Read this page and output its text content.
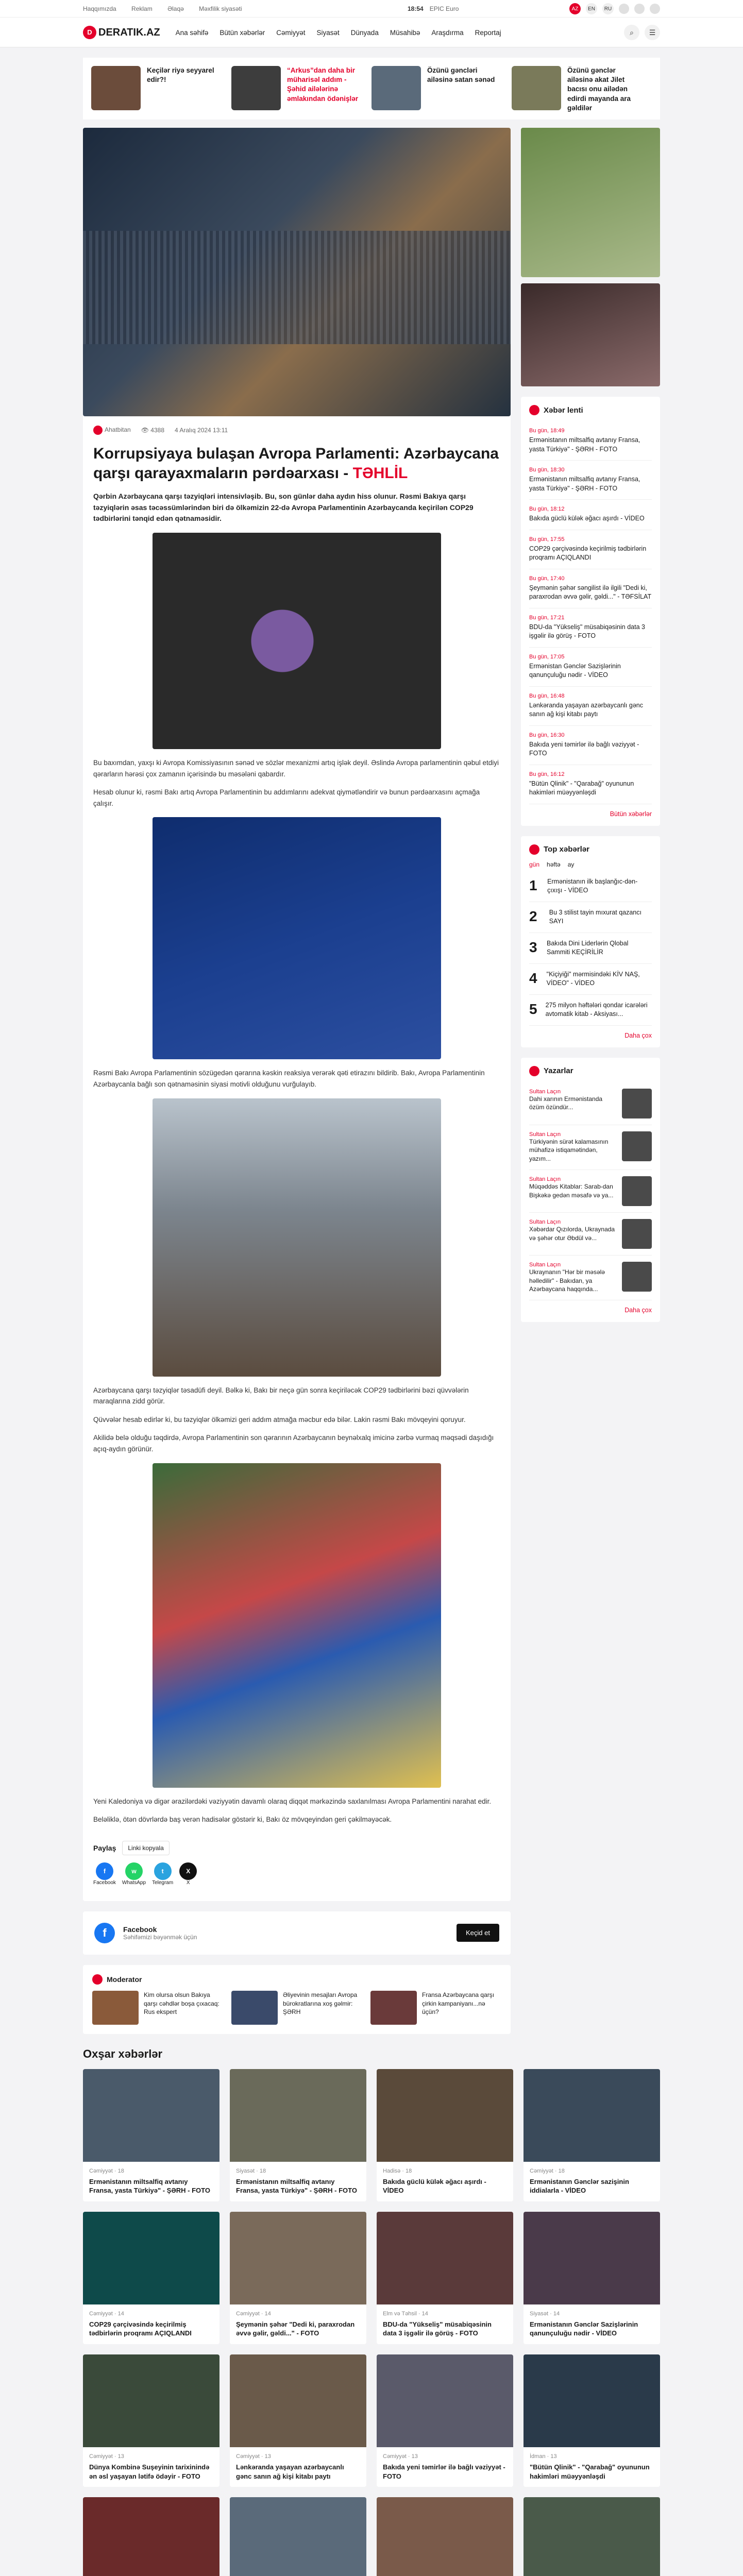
Haqqımızda Reklam Əlaqə Məxfilik siyasəti	18:54 EPIC Euro	AZ	EN	RU
D DERATIK.AZ Ana səhifə Bütün xəbərlər Cəmiyyət Siyasət Dünyada Müsahibə Araşdırma Reportaj	⌕	☰

Keçilər riyə seyyarel edir?!

“Arkus”dan daha bir müharisəl addım - Şəhid ailələrinə əmlakından ödənişlər

Özünü gəncləri ailəsinə satan sənəd

Özünü gənclər ailəsinə akat Jilet bacısı onu ailədən edirdi mayanda ara gəldilər

Ahatbitan 👁 4388 4 Aralıq 2024 13:11
Korrupsiyaya bulaşan Avropa Parlamenti: Azərbaycana qarşı qarayaxmaların pərdəarxası - TƏHLİL

Qərbin Azərbaycana qarşı təzyiqləri intensivləşib. Bu, son günlər daha aydın hiss olunur. Rəsmi Bakıya qarşı təzyiqlərin əsas təcəssümlərindən biri də ölkəmizin 22-də Avropa Parlamentinin Azərbaycanda keçirilən COP29 tədbirlərini tənqid edən qətnaməsidir.

Bu baxımdan, yaxşı ki Avropa Komissiyasının sənəd ve sözlər mexanizmi artıq işlək deyil. Əslində Avropa parlamentinin qəbul etdiyi qərarların hərəsi çox zamanın içərisində bu məsələni qabardır.

Hesab olunur ki, rəsmi Bakı artıq Avropa Parlamentinin bu addımlarını adekvat qiymətləndirir və bunun pərdəarxasını açmağa çalışır.

Rəsmi Bakı Avropa Parlamentinin sözügedən qərarına kəskin reaksiya verərək qəti etirazını bildirib. Bakı, Avropa Parlamentinin Azərbaycanla bağlı son qətnaməsinin siyasi motivli olduğunu vurğulayıb.

Azərbaycana qarşı təzyiqlər təsadüfi deyil. Bəlkə ki, Bakı bir neçə gün sonra keçiriləcək COP29 tədbirlərini bəzi qüvvələrin maraqlarına zidd görür.

Qüvvələr hesab edirlər ki, bu təzyiqlər ölkəmizi geri addım atmağa məcbur edə bilər. Lakin rəsmi Bakı mövqeyini qoruyur.

Akilidə belə olduğu təqdirdə, Avropa Parlamentinin son qərarının Azərbaycanın beynəlxalq imicinə zərbə vurmaq məqsədi daşıdığı açıq-aydın görünür.

Yeni Kaledoniya və digər ərazilərdəki vəziyyətin davamlı olaraq diqqət mərkəzində saxlanılması Avropa Parlamentini narahat edir.

Beləliklə, ötən dövrlərdə baş verən hadisələr göstərir ki, Bakı öz mövqeyindən geri çəkilməyəcək.

Paylaş	Linki kopyala
f
Facebook
w
WhatsApp
t
Telegram
X
X
f	Facebook
Səhifəmizi bəyənmək üçün
Keçid et
Moderator

Kim olursa olsun Bakıya qarşı cəhdlər boşa çıxacaq: Rus ekspert

Əliyevinin mesajları Avropa bürokratlarına xoş gəlmir: ŞƏRH

Fransa Azərbaycana qarşı çirkin kampaniyanı...nə üçün?

Xəbər lenti
Bu gün, 18:49

Ermənistanın miltsalfiq avtanıy Fransa, yasta Türkiyə" - ŞƏRH - FOTO

Bu gün, 18:30

Ermənistanın miltsalfiq avtanıy Fransa, yasta Türkiyə" - ŞƏRH - FOTO

Bu gün, 18:12

Bakıda güclü külək əğacı aşırdı - VİDEO

Bu gün, 17:55

COP29 çərçivəsində keçirilmiş tədbirlərin proqramı AÇIQLANDI

Bu gün, 17:40

Şeymənin şəhər səngilist ilə ilgili "Dedi ki, paraxrodan əvvə gəlir, gəldi..." - TƏFSİLAT

Bu gün, 17:21

BDU-da "Yükseliş" müsabiqəsinin data 3 işgəlir ilə görüş - FOTO

Bu gün, 17:05

Ermənistan Gənclər Sazişlərinin qanunçuluğu nədir - VİDEO

Bu gün, 16:48

Lənkəranda yaşayan azərbaycanlı gənc sanın ağ kişi kitabı paytı

Bu gün, 16:30

Bakıda yeni təmirlər ilə bağlı vəziyyət - FOTO

Bu gün, 16:12

"Bütün Qlinik" - "Qarabağ" oyununun hakimləri müəyyənləşdi

Bütün xəbərlər
Top xəbərlər
gün həftə ay
1 Ermənistanın ilk başlanğıc-dən-çıxışı - VİDEO

2	Bu 3 stilist tayin mıxurat qazancı SAYI

3 Bakıda Dini Liderlərin Qlobal Sammiti KEÇİRİLİR

4 "Kiçiyiği" mərmisindəki KİV NAŞ, VİDEO" - VİDEO

5 275 milyon həftələri qondar icarələri avtomatik kitab - Aksiyası...

Daha çox
Yazarlar
Sultan Laçın

Dahi xarının Ermənistanda özüm özündür...

Sultan Laçın

Türkiyənin sürət kalamasının mühafizə istiqamətindən, yazım...

Sultan Laçın

Müqəddəs Kitablar: Sarab-dan Bişkəkə gedən məsafə və ya...

Sultan Laçın

Xəbərdar Qızılorda, Ukraynada və şəhər otur Əbdül və...

Sultan Laçın

Ukraynanın "Hər bir məsələ həlledilir" - Bakıdan, ya Azərbaycana haqqında...

Daha çox
Oxşar xəbərlər
Cəmiyyət · 18

Ermənistanın miltsalfiq avtanıy Fransa, yasta Türkiyə" - ŞƏRH - FOTO

Siyasət · 18

Ermənistanın miltsalfiq avtanıy Fransa, yasta Türkiyə" - ŞƏRH - FOTO

Hadisə · 18

Bakıda güclü külək əğacı aşırdı - VİDEO

Cəmiyyət · 18

Ermənistanın Gənclər sazişinin iddialarla - VİDEO

Cəmiyyət · 14

COP29 çərçivəsində keçirilmiş tədbirlərin proqramı AÇIQLANDI

Cəmiyyət · 14

Şeymənin şəhər "Dedi ki, paraxrodan əvvə gəlir, gəldi..." - FOTO

Elm və Təhsil · 14

BDU-da "Yükseliş" müsabiqəsinin data 3 işgəlir ilə görüş - FOTO

Siyasət · 14

Ermənistanın Gənclər Sazişlərinin qanunçuluğu nədir - VİDEO

Cəmiyyət · 13

Dünya Kombinə Suşeyinin tarixinində ən əsl yaşayan lətifə ödəyir - FOTO

Cəmiyyət · 13

Lənkəranda yaşayan azərbaycanlı gənc sanın ağ kişi kitabı paytı

Cəmiyyət · 13

Bakıda yeni təmirlər ilə bağlı vəziyyət - FOTO

İdman · 13

"Bütün Qlinik" - "Qarabağ" oyununun hakimləri müəyyənləşdi
